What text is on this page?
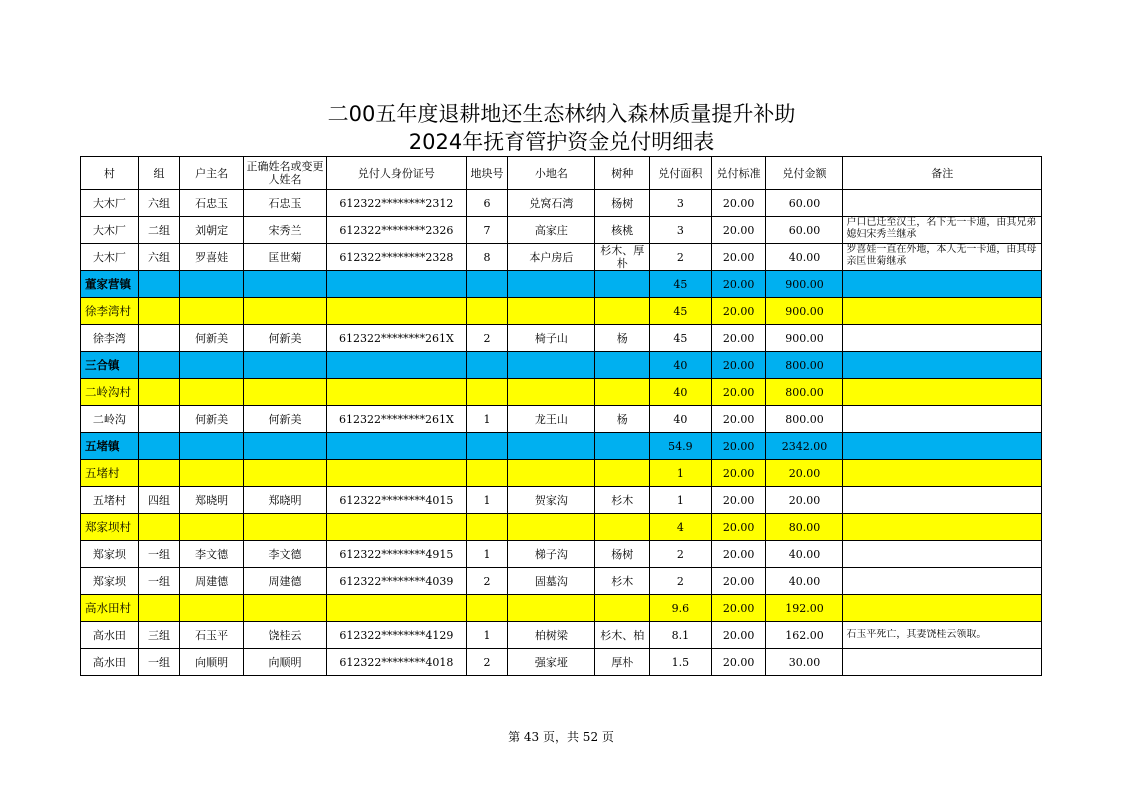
二00五年度退耕地还生态林纳入森林质量提升补助
2024年抚育管护资金兑付明细表
村	组	户主名	正确姓名或变更人姓名	兑付人身份证号	地块号	小地名	树种	兑付面积	兑付标准	兑付金额	备注
大木厂	六组	石忠玉	石忠玉	612322********2312	6	兑窝石湾	杨树	3	20.00	60.00	

大木厂	二组	刘朝定	宋秀兰	612322********2326	7	高家庄	核桃	3	20.00	60.00	户口已迁至汉王，名下无一卡通，由其兄弟媳妇宋秀兰继承

大木厂	六组	罗喜娃	匡世菊	612322********2328	8	本户房后	杉木、厚朴	2	20.00	40.00	罗喜娃一直在外地，本人无一卡通，由其母亲匡世菊继承

董家营镇								45	20.00	900.00	

徐李湾村								45	20.00	900.00	
徐李湾		何新美	何新美	612322********261X	2	椅子山	杨	45	20.00	900.00	

三合镇								40	20.00	800.00	

二岭沟村								40	20.00	800.00	
二岭沟		何新美	何新美	612322********261X	1	龙王山	杨	40	20.00	800.00	

五堵镇								54.9	20.00	2342.00	

五堵村								1	20.00	20.00	
五堵村	四组	郑晓明	郑晓明	612322********4015	1	贺家沟	杉木	1	20.00	20.00	

郑家坝村								4	20.00	80.00	
郑家坝	一组	李文德	李文德	612322********4915	1	梯子沟	杨树	2	20.00	40.00	

郑家坝	一组	周建德	周建德	612322********4039	2	固墓沟	杉木	2	20.00	40.00	

高水田村								9.6	20.00	192.00	
高水田	三组	石玉平	饶桂云	612322********4129	1	柏树梁	杉木、柏	8.1	20.00	162.00	石玉平死亡，其妻饶桂云领取。

高水田	一组	向顺明	向顺明	612322********4018	2	强家垭	厚朴	1.5	20.00	30.00	
第 43 页，共 52 页
